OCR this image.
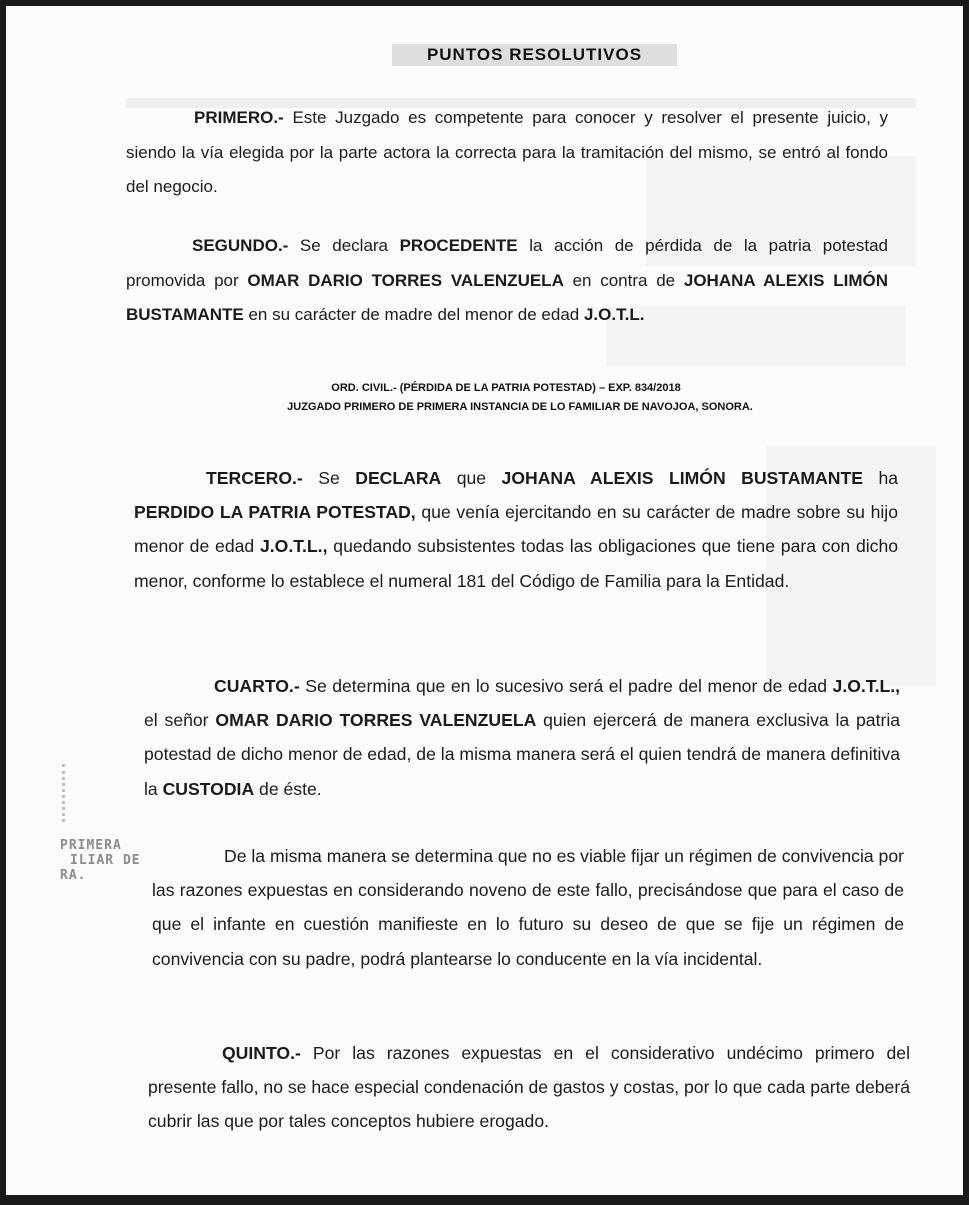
PRIMERA
ILIAR DE
RA.
PUNTOS RESOLUTIVOS

PRIMERO.- Este Juzgado es competente para conocer y resolver el presente juicio, y siendo la vía elegida por la parte actora la correcta para la tramitación del mismo, se entró al fondo del negocio.

SEGUNDO.- Se declara PROCEDENTE la acción de pérdida de la patria potestad promovida por OMAR DARIO TORRES VALENZUELA en contra de JOHANA ALEXIS LIMÓN BUSTAMANTE en su carácter de madre del menor de edad J.O.T.L.

ORD. CIVIL.- (PÉRDIDA DE LA PATRIA POTESTAD) – EXP. 834/2018
JUZGADO PRIMERO DE PRIMERA INSTANCIA DE LO FAMILIAR DE NAVOJOA, SONORA.

TERCERO.- Se DECLARA que JOHANA ALEXIS LIMÓN BUSTAMANTE ha PERDIDO LA PATRIA POTESTAD, que venía ejercitando en su carácter de madre sobre su hijo menor de edad J.O.T.L., quedando subsistentes todas las obligaciones que tiene para con dicho menor, conforme lo establece el numeral 181 del Código de Familia para la Entidad.

CUARTO.- Se determina que en lo sucesivo será el padre del menor de edad J.O.T.L., el señor OMAR DARIO TORRES VALENZUELA quien ejercerá de manera exclusiva la patria potestad de dicho menor de edad, de la misma manera será el quien tendrá de manera definitiva la CUSTODIA de éste.

De la misma manera se determina que no es viable fijar un régimen de convivencia por las razones expuestas en considerando noveno de este fallo, precisándose que para el caso de que el infante en cuestión manifieste en lo futuro su deseo de que se fije un régimen de convivencia con su padre, podrá plantearse lo conducente en la vía incidental.

QUINTO.- Por las razones expuestas en el considerativo undécimo primero del presente fallo, no se hace especial condenación de gastos y costas, por lo que cada parte deberá cubrir las que por tales conceptos hubiere erogado.
